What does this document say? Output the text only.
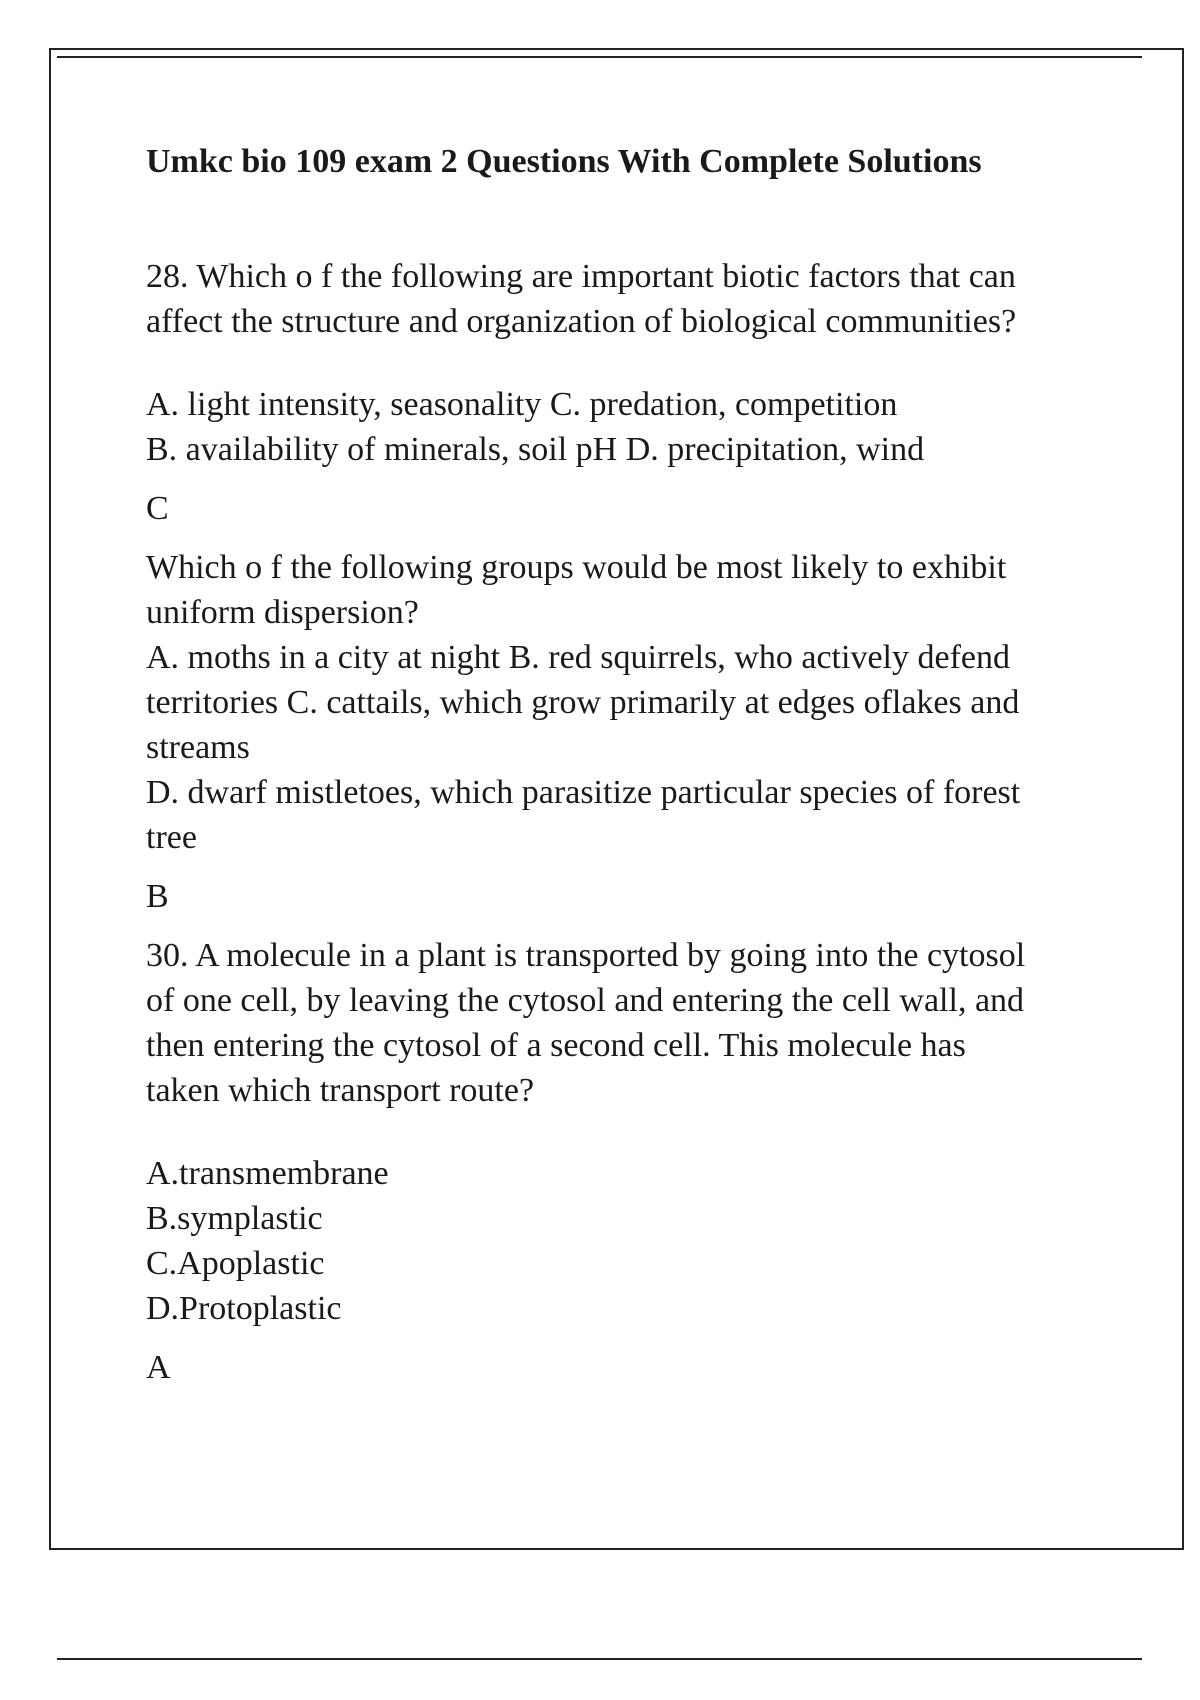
Umkc bio 109 exam 2 Questions With Complete Solutions
28. Which o f the following are important biotic factors that can
affect the structure and organization of biological communities?
A. light intensity, seasonality C. predation, competition
B. availability of minerals, soil pH D. precipitation, wind
C
Which o f the following groups would be most likely to exhibit
uniform dispersion?
A. moths in a city at night B. red squirrels, who actively defend
territories C. cattails, which grow primarily at edges oflakes and
streams
D. dwarf mistletoes, which parasitize particular species of forest
tree
B
30. A molecule in a plant is transported by going into the cytosol
of one cell, by leaving the cytosol and entering the cell wall, and
then entering the cytosol of a second cell. This molecule has
taken which transport route?
A.transmembrane
B.symplastic
C.Apoplastic
D.Protoplastic
A
